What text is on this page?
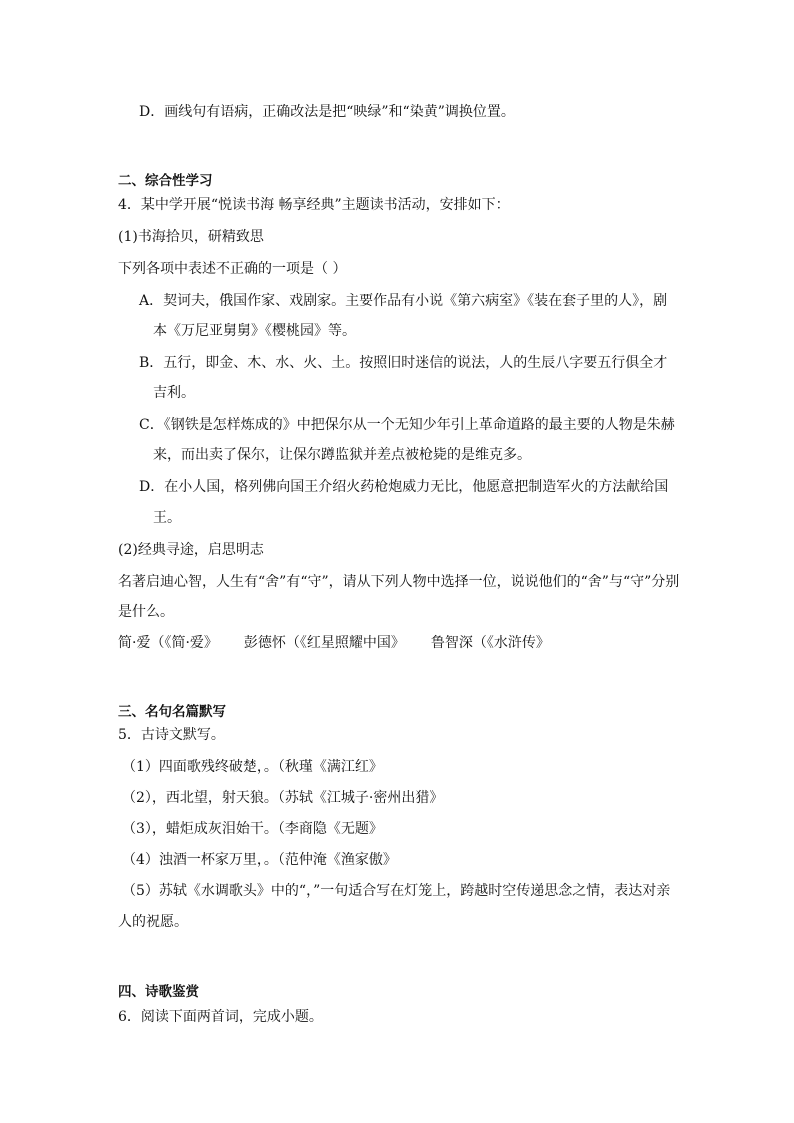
D．画线句有语病，正确改法是把“映绿”和“染黄”调换位置。
二、综合性学习
4．某中学开展“悦读书海 畅享经典”主题读书活动，安排如下：
(1)书海拾贝，研精致思
下列各项中表述不正确的一项是（ ）
A．契诃夫，俄国作家、戏剧家。主要作品有小说《第六病室》《装在套子里的人》，剧
本《万尼亚舅舅》《樱桃园》等。
B．五行，即金、木、水、火、土。按照旧时迷信的说法，人的生辰八字要五行俱全才
吉利。
C．《钢铁是怎样炼成的》中把保尔从一个无知少年引上革命道路的最主要的人物是朱赫
来，而出卖了保尔，让保尔蹲监狱并差点被枪毙的是维克多。
D．在小人国，格列佛向国王介绍火药枪炮威力无比，他愿意把制造军火的方法献给国
王。
(2)经典寻途，启思明志
名著启迪心智，人生有“舍”有“守”，请从下列人物中选择一位，说说他们的“舍”与“守”分别
是什么。
简·爱（《简·爱》 彭德怀（《红星照耀中国》 鲁智深（《水浒传》
三、名句名篇默写
5．古诗文默写。
（1）四面歌残终破楚，。（秋瑾《满江红》
（2），西北望，射天狼。（苏轼《江城子·密州出猎》
（3），蜡炬成灰泪始干。（李商隐《无题》
（4）浊酒一杯家万里，。（范仲淹《渔家傲》
（5）苏轼《水调歌头》中的“，”一句适合写在灯笼上，跨越时空传递思念之情，表达对亲
人的祝愿。
四、诗歌鉴赏
6．阅读下面两首词，完成小题。
